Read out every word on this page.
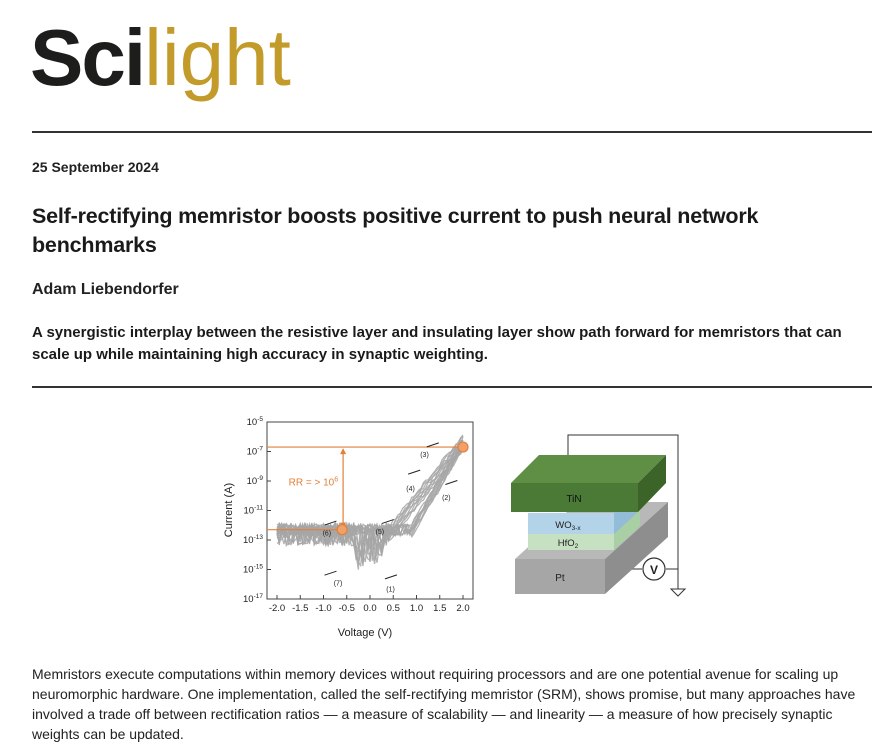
Scilight
25 September 2024
Self-rectifying memristor boosts positive current to push neural network benchmarks
Adam Liebendorfer

A synergistic interplay between the resistive layer and insulating layer show path forward for memristors that can scale up while maintaining high accuracy in synaptic weighting.

$10^{-5}$
$10^{-7}$
$10^{-9}$
$10^{-11}$
$10^{-13}$
$10^{-15}$
$10^{-17}$
-2.0 -1.5 -1.0 -0.5 0.0 0.5 1.0 1.5 2.0
RR = > $10^6$
Voltage (V)
Current (A)
(1)
(2)
(3)
(4)
(5)
(6)
(7)	Pt
HfO$_2$
$WO_{3-x}$
TiN
V

Memristors execute computations within memory devices without requiring processors and are one potential avenue for scaling up neuromorphic hardware. One implementation, called the self-rectifying memristor (SRM), shows promise, but many approaches have involved a trade off between rectification ratios — a measure of scalability — and linearity — a measure of how precisely synaptic weights can be updated.
